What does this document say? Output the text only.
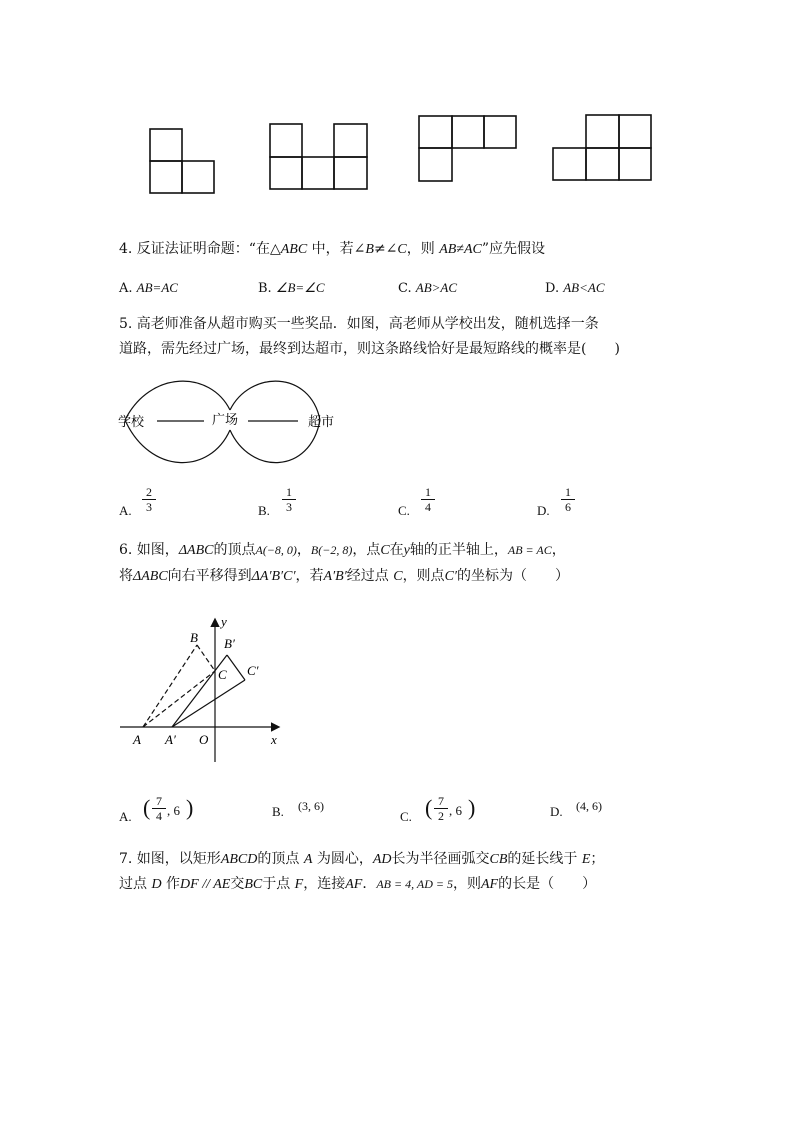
4. 反证法证明命题：“在△ABC 中，若∠B≠∠C，则 AB≠AC”应先假设
A. AB=AC	B. ∠B=∠C	C. AB>AC	D. AB<AC
5. 高老师准备从超市购买一些奖品．如图，高老师从学校出发，随机选择一条
道路，需先经过广场，最终到达超市，则这条路线恰好是最短路线的概率是(　　)
学校	广场	超市
A.
2
3	B.
1
3	C.
1
4	D.
1
6
6. 如图，ΔABC的顶点A(−8, 0)，B(−2, 8)，点C在y轴的正半轴上，AB = AC，
将ΔABC向右平移得到ΔA′B′C′，若A′B′经过点 C，则点C′的坐标为（　　）
y
x
B B′
C C′
A A′ O
A. ( 7
4 , 6 )	B. (3, 6)
C. ( 7
2 , 6 )	D. (4, 6)
7. 如图，以矩形ABCD的顶点 A 为圆心，AD长为半径画弧交CB的延长线于 E；
过点 D 作DF // AE交BC于点 F，连接AF．AB = 4, AD = 5，则AF的长是（　　）
